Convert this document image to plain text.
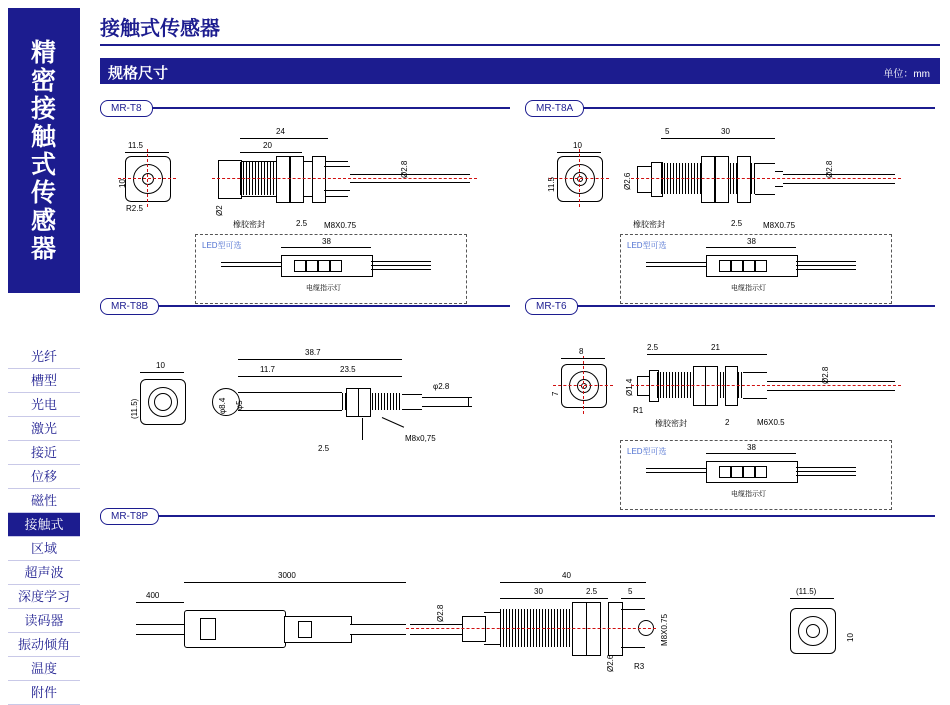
精
密
接
触
式
传
感
器
光纤
槽型
光电
激光
接近
位移
磁性
接触式
区域
超声波
深度学习
读码器
振动倾角
温度
附件
接触式传感器
规格尺寸	单位：mm
MR-T8
11.5
10
R2.5
24
20
Ø2.8
Ø2
2.5 M8X0.75
橡胶密封
LED型可选	38
电缆指示灯
MR-T8A
10
11.5	Ø2.6
5	30
Ø2.8
2.5	M8X0.75
橡胶密封
LED型可选	38
电缆指示灯
MR-T8B
10
(11.5)
38.7
11.7	23.5
φ2.8
φ8.4 φ5
2.5
M8x0,75
MR-T6
8
7	Ø1.4
2.5	21
Ø2.8
R1
2	M6X0.5
橡胶密封
LED型可选	38
电缆指示灯
MR-T8P
400
3000	40
30	2.5	5
Ø2.8
M8X0.75
R3
Ø2.6
(11.5)
10
